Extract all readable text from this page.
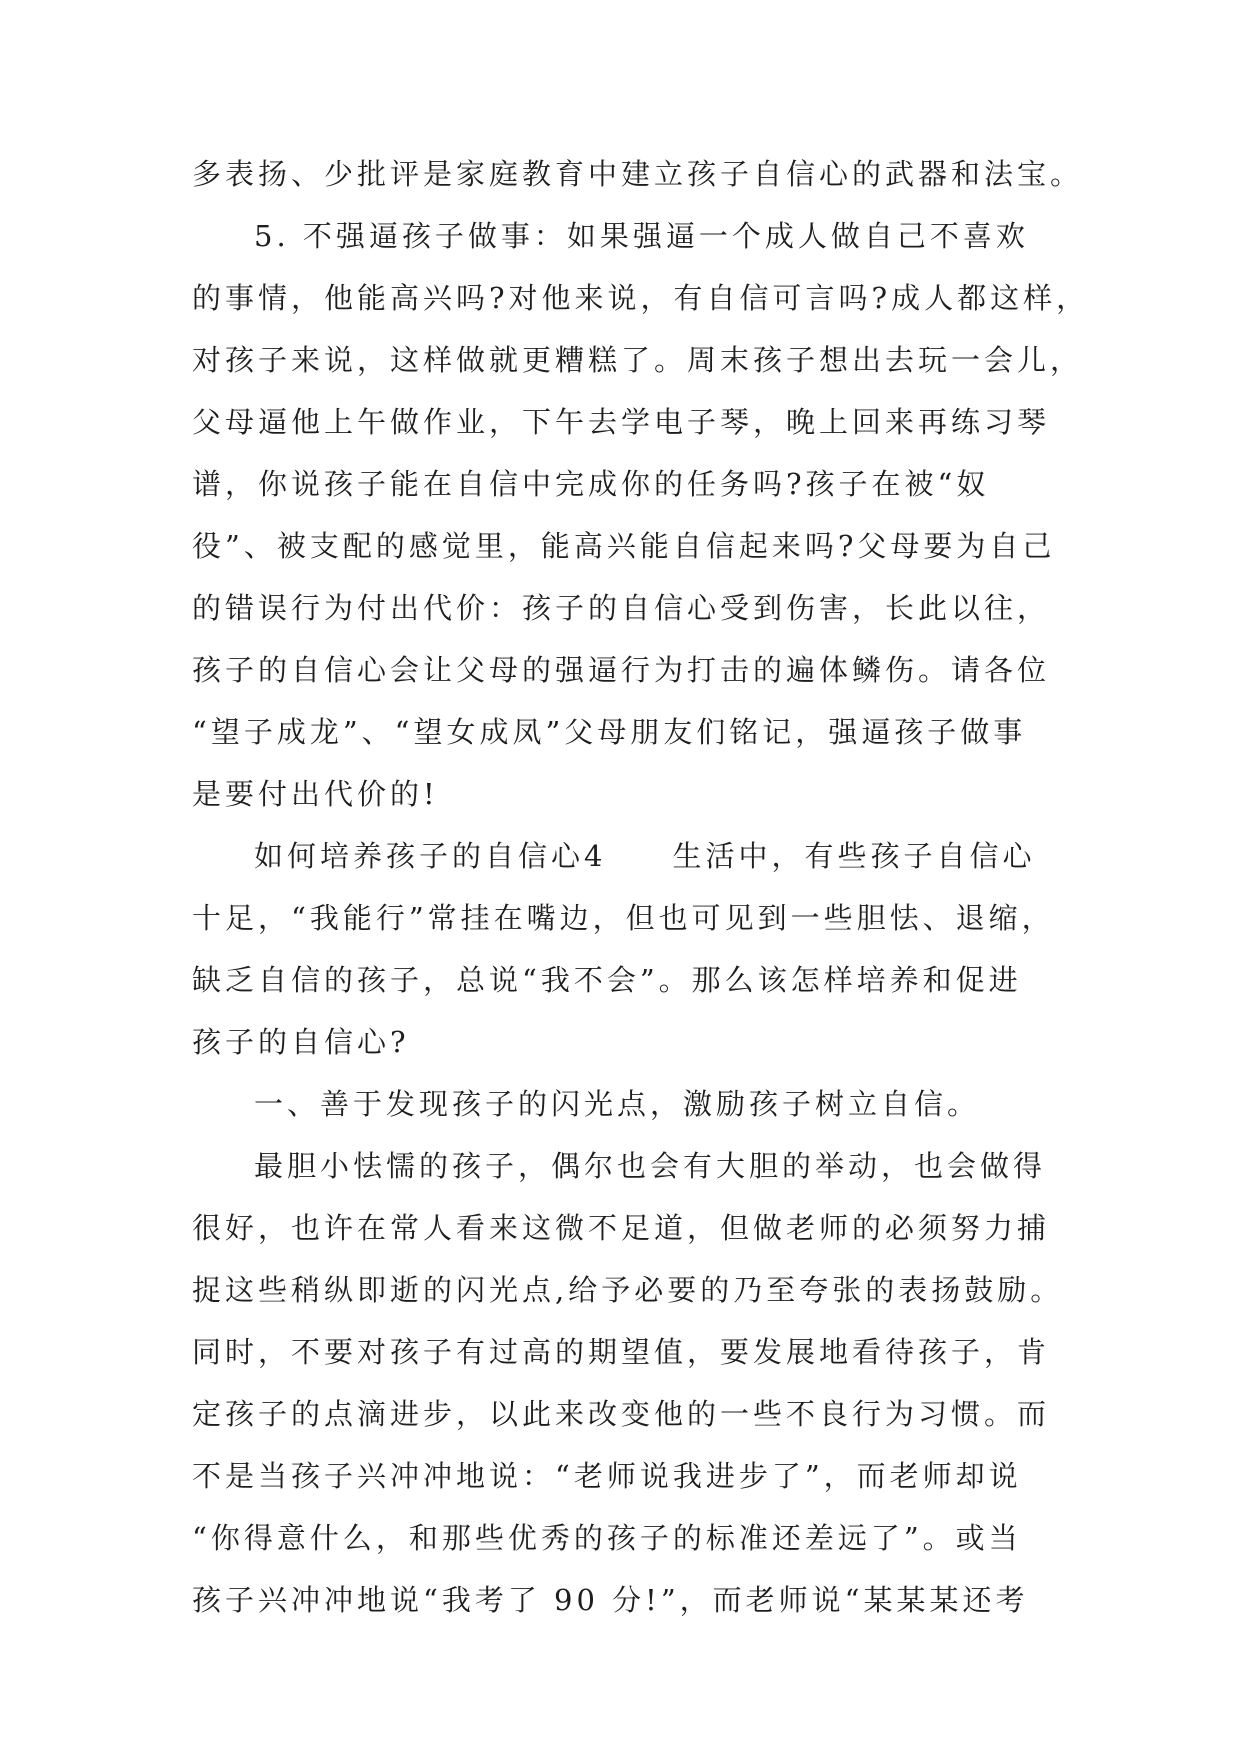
多表扬、少批评是家庭教育中建立孩子自信心的武器和法宝。
5. 不强逼孩子做事：如果强逼一个成人做自己不喜欢
的事情，他能高兴吗?对他来说，有自信可言吗?成人都这样，
对孩子来说，这样做就更糟糕了。周末孩子想出去玩一会儿，
父母逼他上午做作业，下午去学电子琴，晚上回来再练习琴
谱，你说孩子能在自信中完成你的任务吗?孩子在被“奴
役”、被支配的感觉里，能高兴能自信起来吗?父母要为自己
的错误行为付出代价：孩子的自信心受到伤害，长此以往，
孩子的自信心会让父母的强逼行为打击的遍体鳞伤。请各位
“望子成龙”、“望女成凤”父母朋友们铭记，强逼孩子做事
是要付出代价的!
如何培养孩子的自信心4　　生活中，有些孩子自信心
十足，“我能行”常挂在嘴边，但也可见到一些胆怯、退缩，
缺乏自信的孩子，总说“我不会”。那么该怎样培养和促进
孩子的自信心?
一、善于发现孩子的闪光点，激励孩子树立自信。
最胆小怯懦的孩子，偶尔也会有大胆的举动，也会做得
很好，也许在常人看来这微不足道，但做老师的必须努力捕
捉这些稍纵即逝的闪光点,给予必要的乃至夸张的表扬鼓励。
同时，不要对孩子有过高的期望值，要发展地看待孩子，肯
定孩子的点滴进步，以此来改变他的一些不良行为习惯。而
不是当孩子兴冲冲地说：“老师说我进步了”，而老师却说
“你得意什么，和那些优秀的孩子的标准还差远了”。或当
孩子兴冲冲地说“我考了 90 分!”，而老师说“某某某还考
